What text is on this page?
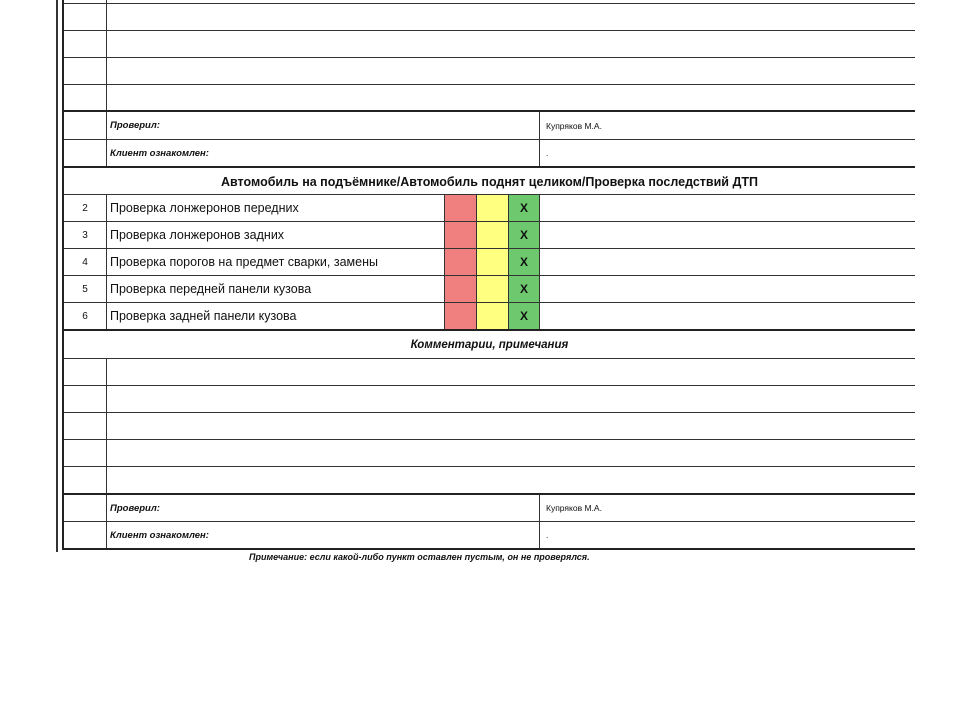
Проверил:	Купряков М.А.
Клиент ознакомлен:	.
Автомобиль на подъёмнике/Автомобиль поднят целиком/Проверка последствий ДТП
2	Проверка лонжеронов передних	X
3	Проверка лонжеронов задних	X
4	Проверка порогов на предмет сварки, замены	X
5	Проверка передней панели кузова	X
6	Проверка задней панели кузова	X
Комментарии, примечания
Проверил:	Купряков М.А.
Клиент ознакомлен:	.
Примечание: если какой-либо пункт оставлен пустым, он не проверялся.
